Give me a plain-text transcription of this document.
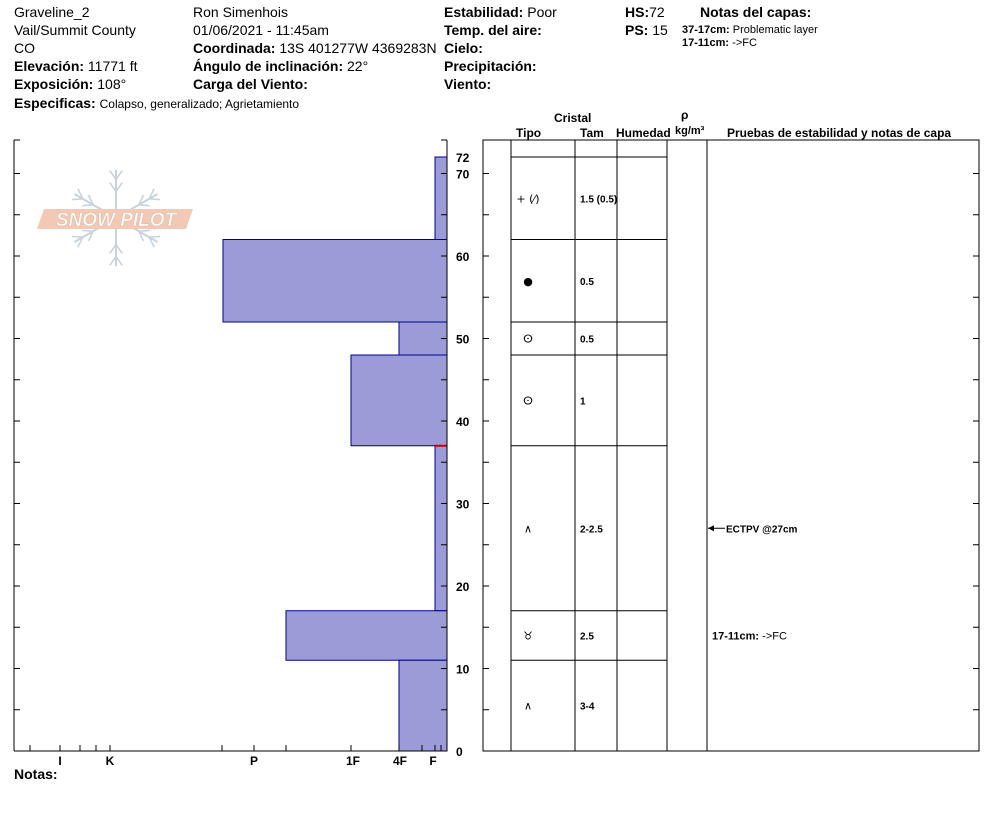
Graveline_2
Vail/Summit County
CO
Elevación: 11771 ft
Exposición: 108°
Especificas: Colapso, generalizado; Agrietamiento
Ron Simenhois
01/06/2021 - 11:45am
Coordinada: 13S 401277W 4369283N
Ángulo de inclinación: 22°
Carga del Viento:
Estabilidad: Poor
Temp. del aire:
Cielo:
Precipitación:
Viento:
HS:72
PS: 15
Notas del capas:
37-17cm: Problematic layer
17-11cm: ->FC
Cristal
Tipo	Tam Humedad
ρ
kg/m³ Pruebas de estabilidad y notas de capa
Notas:
SNOW PILOT
0
10
20
30
40
50
60
70
72
I	K	P	1F	4F F
+ (⁄)	1.5 (0.5)
●	0.5
ⵙ	0.5
ⵙ	1
∧	2-2.5
♉	2.5
∧	3-4
ECTPV @27cm
17-11cm: ->FC
